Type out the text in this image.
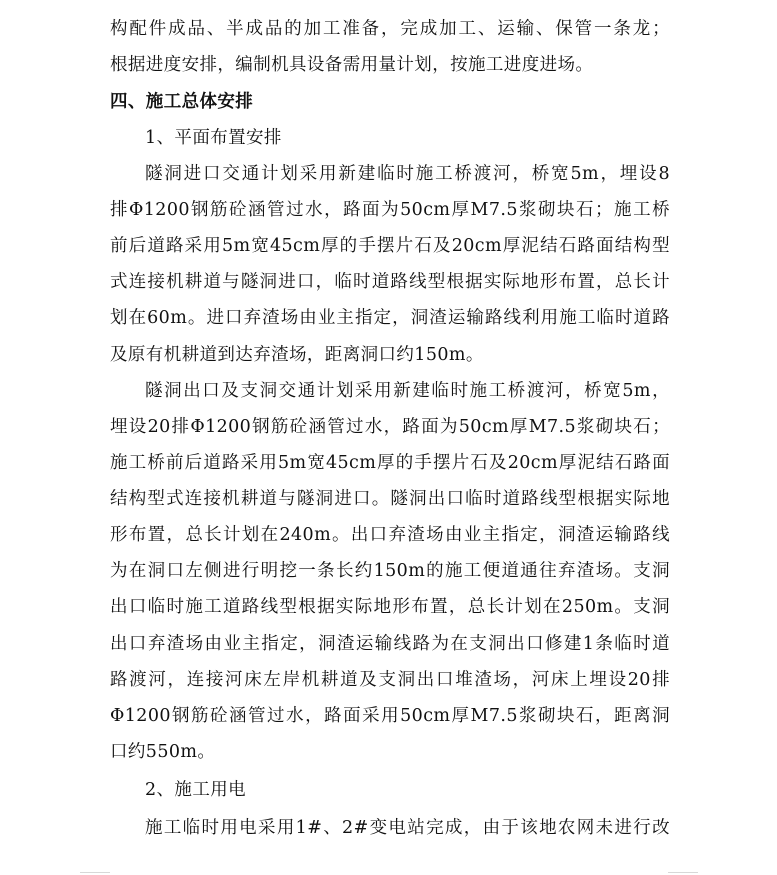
构配件成品、半成品的加工准备，完成加工、运输、保管一条龙；
根据进度安排，编制机具设备需用量计划，按施工进度进场。
四、施工总体安排
1、平面布置安排
隧洞进口交通计划采用新建临时施工桥渡河，桥宽5m，埋设8
排Φ1200钢筋砼涵管过水，路面为50cm厚M7.5浆砌块石；施工桥
前后道路采用5m宽45cm厚的手摆片石及20cm厚泥结石路面结构型
式连接机耕道与隧洞进口，临时道路线型根据实际地形布置，总长计
划在60m。进口弃渣场由业主指定，洞渣运输路线利用施工临时道路
及原有机耕道到达弃渣场，距离洞口约150m。
隧洞出口及支洞交通计划采用新建临时施工桥渡河，桥宽5m，
埋设20排Φ1200钢筋砼涵管过水，路面为50cm厚M7.5浆砌块石；
施工桥前后道路采用5m宽45cm厚的手摆片石及20cm厚泥结石路面
结构型式连接机耕道与隧洞进口。隧洞出口临时道路线型根据实际地
形布置，总长计划在240m。出口弃渣场由业主指定，洞渣运输路线
为在洞口左侧进行明挖一条长约150m的施工便道通往弃渣场。支洞
出口临时施工道路线型根据实际地形布置，总长计划在250m。支洞
出口弃渣场由业主指定，洞渣运输线路为在支洞出口修建1条临时道
路渡河，连接河床左岸机耕道及支洞出口堆渣场，河床上埋设20排
Φ1200钢筋砼涵管过水，路面采用50cm厚M7.5浆砌块石，距离洞
口约550m。
2、施工用电
施工临时用电采用1#、2#变电站完成，由于该地农网未进行改
